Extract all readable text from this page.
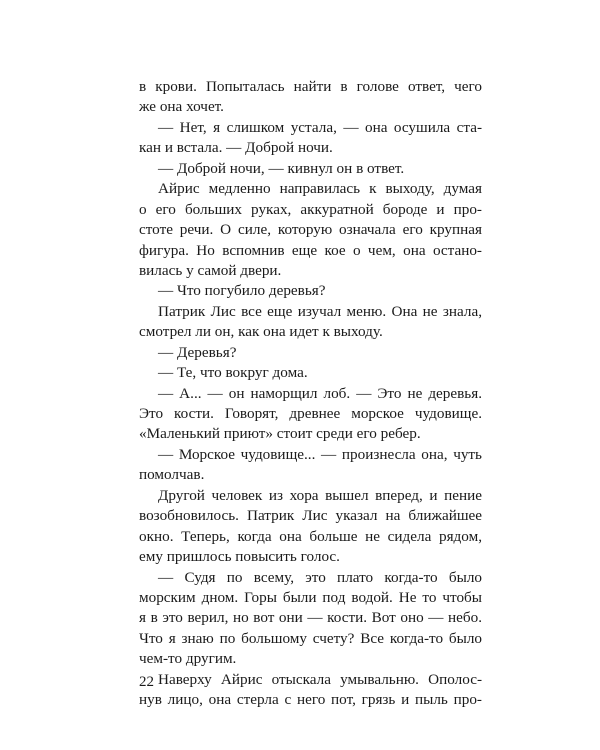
в крови. Попыталась найти в голове ответ, чего
же она хочет.
— Нет, я слишком устала, — она осушила ста-
кан и встала. — Доброй ночи.
— Доброй ночи, — кивнул он в ответ.
Айрис медленно направилась к выходу, думая
о его больших руках, аккуратной бороде и про-
стоте речи. О силе, которую означала его крупная
фигура. Но вспомнив еще кое о чем, она остано-
вилась у самой двери.
— Что погубило деревья?
Патрик Лис все еще изучал меню. Она не знала,
смотрел ли он, как она идет к выходу.
— Деревья?
— Те, что вокруг дома.
— А... — он наморщил лоб. — Это не деревья.
Это кости. Говорят, древнее морское чудовище.
«Маленький приют» стоит среди его ребер.
— Морское чудовище... — произнесла она, чуть
помолчав.
Другой человек из хора вышел вперед, и пение
возобновилось. Патрик Лис указал на ближайшее
окно. Теперь, когда она больше не сидела рядом,
ему пришлось повысить голос.
— Судя по всему, это плато когда-то было
морским дном. Горы были под водой. Не то чтобы
я в это верил, но вот они — кости. Вот оно — небо.
Что я знаю по большому счету? Все когда-то было
чем-то другим.
Наверху Айрис отыскала умывальню. Ополос-
нув лицо, она стерла с него пот, грязь и пыль про-
22
